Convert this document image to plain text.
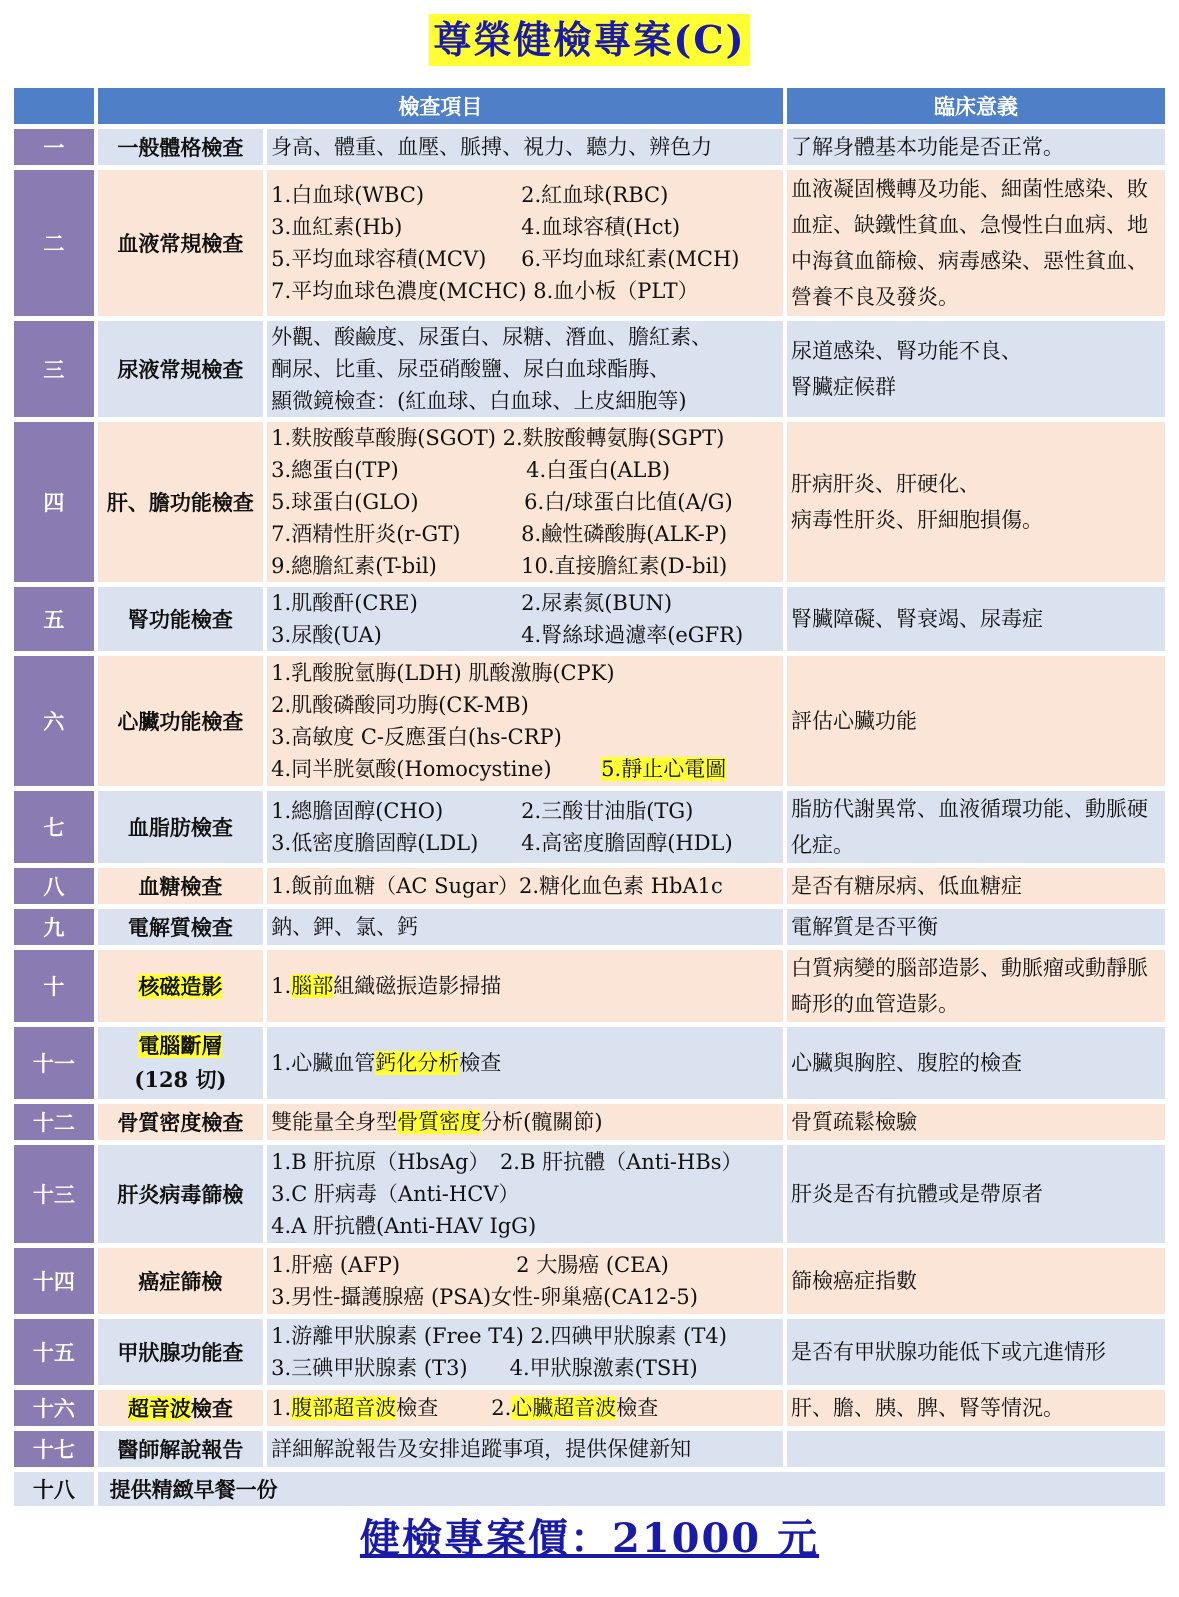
尊榮健檢專案(C)
	檢查項目		臨床意義
一	一般體格檢查	身高、體重、血壓、脈搏、視力、聽力、辨色力	了解身體基本功能是否正常。
二	血液常規檢查	1.白血球(WBC) 2.紅血球(RBC)
3.血紅素(Hb) 4.血球容積(Hct)
5.平均血球容積(MCV) 6.平均血球紅素(MCH)
7.平均血球色濃度(MCHC) 8.血小板（PLT）	血液凝固機轉及功能、細菌性感染、敗血症、缺鐵性貧血、急慢性白血病、地中海貧血篩檢、病毒感染、惡性貧血、營養不良及發炎。
三	尿液常規檢查	外觀、酸鹼度、尿蛋白、尿糖、潛血、膽紅素、
酮尿、比重、尿亞硝酸鹽、尿白血球酯脢、
顯微鏡檢查：(紅血球、白血球、上皮細胞等)	尿道感染、腎功能不良、
腎臟症候群

四	肝、膽功能檢查	1.麩胺酸草酸脢(SGOT) 2.麩胺酸轉氨脢(SGPT)
3.總蛋白(TP) 4.白蛋白(ALB)
5.球蛋白(GLO) 6.白/球蛋白比值(A/G)
7.酒精性肝炎(r-GT) 8.鹼性磷酸脢(ALK-P)
9.總膽紅素(T-bil) 10.直接膽紅素(D-bil)	肝病肝炎、肝硬化、
病毒性肝炎、肝細胞損傷。

五	腎功能檢查	1.肌酸酐(CRE) 2.尿素氮(BUN)
3.尿酸(UA) 4.腎絲球過濾率(eGFR)	腎臟障礙、腎衰竭、尿毒症
六	心臟功能檢查	1.乳酸脫氫脢(LDH) 肌酸激脢(CPK)
2.肌酸磷酸同功脢(CK-MB)
3.高敏度 C-反應蛋白(hs-CRP)
4.同半胱氨酸(Homocystine) 5.靜止心電圖	評估心臟功能
七	血脂肪檢查	1.總膽固醇(CHO) 2.三酸甘油脂(TG)
3.低密度膽固醇(LDL) 4.高密度膽固醇(HDL)	脂肪代謝異常、血液循環功能、動脈硬化症。
八	血糖檢查	1.飯前血糖（AC Sugar）2.糖化血色素 HbA1c	是否有糖尿病、低血糖症
九	電解質檢查	鈉、鉀、氯、鈣	電解質是否平衡
十	核磁造影	1.腦部組織磁振造影掃描	白質病變的腦部造影、動脈瘤或動靜脈畸形的血管造影。
十一	電腦斷層
(128 切)	1.心臟血管鈣化分析檢查	心臟與胸腔、腹腔的檢查
十二	骨質密度檢查	雙能量全身型骨質密度分析(髖關節)	骨質疏鬆檢驗
十三	肝炎病毒篩檢	1.B 肝抗原（HbsAg）　2.B 肝抗體（Anti-HBs）
3.C 肝病毒（Anti-HCV）
4.A 肝抗體(Anti-HAV IgG)	肝炎是否有抗體或是帶原者
十四	癌症篩檢	1.肝癌 (AFP) 2 大腸癌 (CEA)
3.男性-攝護腺癌 (PSA)女性-卵巢癌(CA12-5)	篩檢癌症指數
十五	甲狀腺功能查	1.游離甲狀腺素 (Free T4) 2.四碘甲狀腺素 (T4)
3.三碘甲狀腺素 (T3)　　4.甲狀腺激素(TSH)	是否有甲狀腺功能低下或亢進情形
十六	超音波檢查	1.腹部超音波檢查 2.心臟超音波檢查	肝、膽、胰、脾、腎等情況。
十七	醫師解說報告	詳細解說報告及安排追蹤事項，提供保健新知	
十八	提供精緻早餐一份		
健檢專案價：21000 元
